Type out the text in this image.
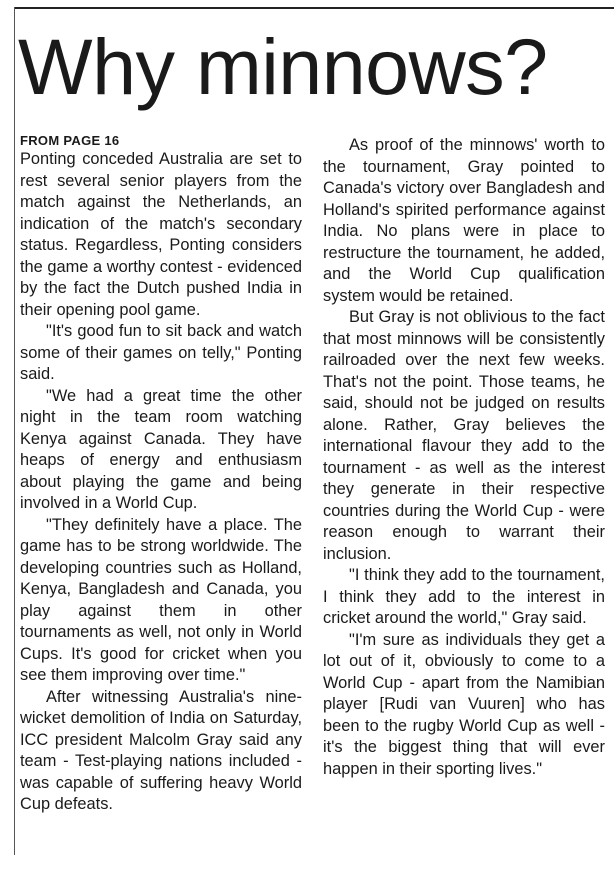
Why minnows?
FROM PAGE 16

Ponting conceded Australia are set to rest several senior players from the match against the Netherlands, an indication of the match's secondary status. Regardless, Ponting considers the game a worthy contest - evidenced by the fact the Dutch pushed India in their opening pool game.

"It's good fun to sit back and watch some of their games on telly," Ponting said.

"We had a great time the other night in the team room watching Kenya against Canada. They have heaps of energy and enthusiasm about playing the game and being involved in a World Cup.

"They definitely have a place. The game has to be strong worldwide. The developing countries such as Holland, Kenya, Bangladesh and Canada, you play against them in other tournaments as well, not only in World Cups. It's good for cricket when you see them improving over time."

After witnessing Australia's nine-wicket demolition of India on Saturday, ICC president Malcolm Gray said any team - Test-playing nations included - was capable of suffering heavy World Cup defeats.

As proof of the minnows' worth to the tournament, Gray pointed to Canada's victory over Bangladesh and Holland's spirited performance against India. No plans were in place to restructure the tournament, he added, and the World Cup qualification system would be retained.

But Gray is not oblivious to the fact that most minnows will be consistently railroaded over the next few weeks. That's not the point. Those teams, he said, should not be judged on results alone. Rather, Gray believes the international flavour they add to the tournament - as well as the interest they generate in their respective countries during the World Cup - were reason enough to warrant their inclusion.

"I think they add to the tournament, I think they add to the interest in cricket around the world," Gray said.

"I'm sure as individuals they get a lot out of it, obviously to come to a World Cup - apart from the Namibian player [Rudi van Vuuren] who has been to the rugby World Cup as well - it's the biggest thing that will ever happen in their sporting lives."
